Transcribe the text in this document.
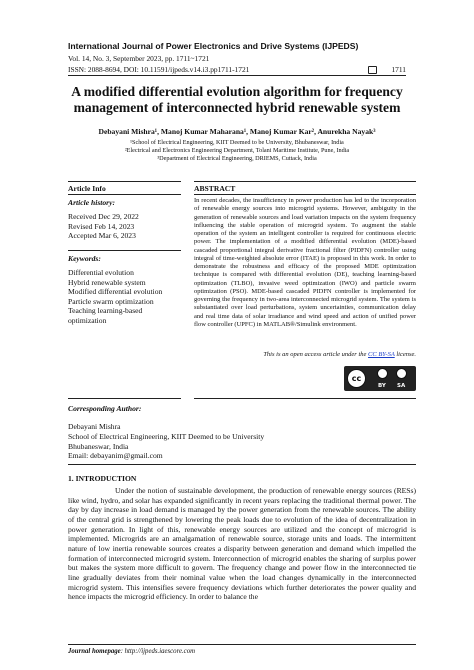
International Journal of Power Electronics and Drive Systems (IJPEDS)
Vol. 14, No. 3, September 2023, pp. 1711~1721
ISSN: 2088-8694, DOI: 10.11591/ijpeds.v14.i3.pp1711-1721	1711
A modified differential evolution algorithm for frequency management of interconnected hybrid renewable system
Debayani Mishra¹, Manoj Kumar Maharana¹, Manoj Kumar Kar², Anurekha Nayak³
¹School of Electrical Engineering, KIIT Deemed to be University, Bhubaneswar, India
²Electrical and Electronics Engineering Department, Tolani Maritime Institute, Pune, India
³Department of Electrical Engineering, DRIEMS, Cuttack, India
Article Info	ABSTRACT
Article history:
Received Dec 29, 2022
Revised Feb 14, 2023
Accepted Mar 6, 2023
Keywords:
Differential evolution
Hybrid renewable system
Modified differential evolution
Particle swarm optimization
Teaching learning-based
optimization
In recent decades, the insufficiency in power production has led to the incorporation of renewable energy sources into microgrid systems. However, ambiguity in the generation of renewable sources and load variation impacts on the system frequency influencing the stable operation of microgrid system. To augment the stable operation of the system an intelligent controller is required for continuous electric power. The implementation of a modified differential evolution (MDE)-based cascaded proportional integral derivative fractional filter (PIDFN) controller using integral of time-weighted absolute error (ITAE) is proposed in this work. In order to demonstrate the robustness and efficacy of the proposed MDE optimization technique is compared with differential evolution (DE), teaching learning-based optimization (TLBO), invasive weed optimization (IWO) and particle swarm optimization (PSO). MDE-based cascaded PIDFN controller is implemented for governing the frequency in two-area interconnected microgrid system. The system is substantiated over load perturbations, system uncertainties, communication delay and real time data of solar irradiance and wind speed and action of unified power flow controller (UPFC) in MATLAB®/Simulink environment.
This is an open access article under the CC BY-SA license.
cc
BY SA
Corresponding Author:
Debayani Mishra
School of Electrical Engineering, KIIT Deemed to be University
Bhubaneswar, India
Email: debayanim@gmail.com
1. INTRODUCTION

Under the notion of sustainable development, the production of renewable energy sources (RESs) like wind, hydro, and solar has expanded significantly in recent years replacing the traditional thermal power. The day by day increase in load demand is managed by the power generation from the renewable sources. The ability of the central grid is strengthened by lowering the peak loads due to evolution of the idea of decentralization in power generation. In light of this, renewable energy sources are utilized and the concept of microgrid is implemented. Microgrids are an amalgamation of renewable source, storage units and loads. The intermittent nature of low inertia renewable sources creates a disparity between generation and demand which impelled the formation of interconnected microgrid system. Interconnection of microgrid enables the sharing of surplus power but makes the system more difficult to govern. The frequency change and power flow in the interconnected tie line gradually deviates from their nominal value when the load changes dynamically in the interconnected microgrid system. This intensifies severe frequency deviations which further deteriorates the power quality and hence impacts the microgrid efficiency. In order to balance the

Journal homepage: http://ijpeds.iaescore.com
